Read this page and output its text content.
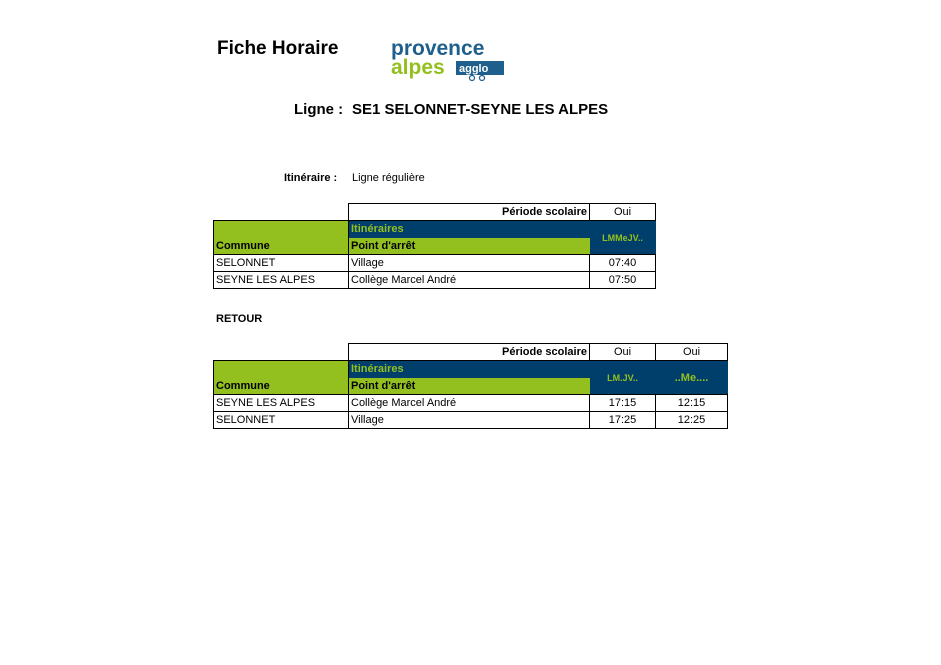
Fiche Horaire	provence
alpes agglo
Ligne : SE1 SELONNET-SEYNE LES ALPES
Itinéraire : Ligne régulière
	Période scolaire	Oui
	Itinéraires	LMMeJV..
Commune	Point d'arrêt	
SELONNET	Village	07:40
SEYNE LES ALPES	Collège Marcel André	07:50
RETOUR
	Période scolaire	Oui	Oui
	Itinéraires	LM.JV..	..Me....
Commune	Point d'arrêt		
SEYNE LES ALPES	Collège Marcel André	17:15	12:15
SELONNET	Village	17:25	12:25
